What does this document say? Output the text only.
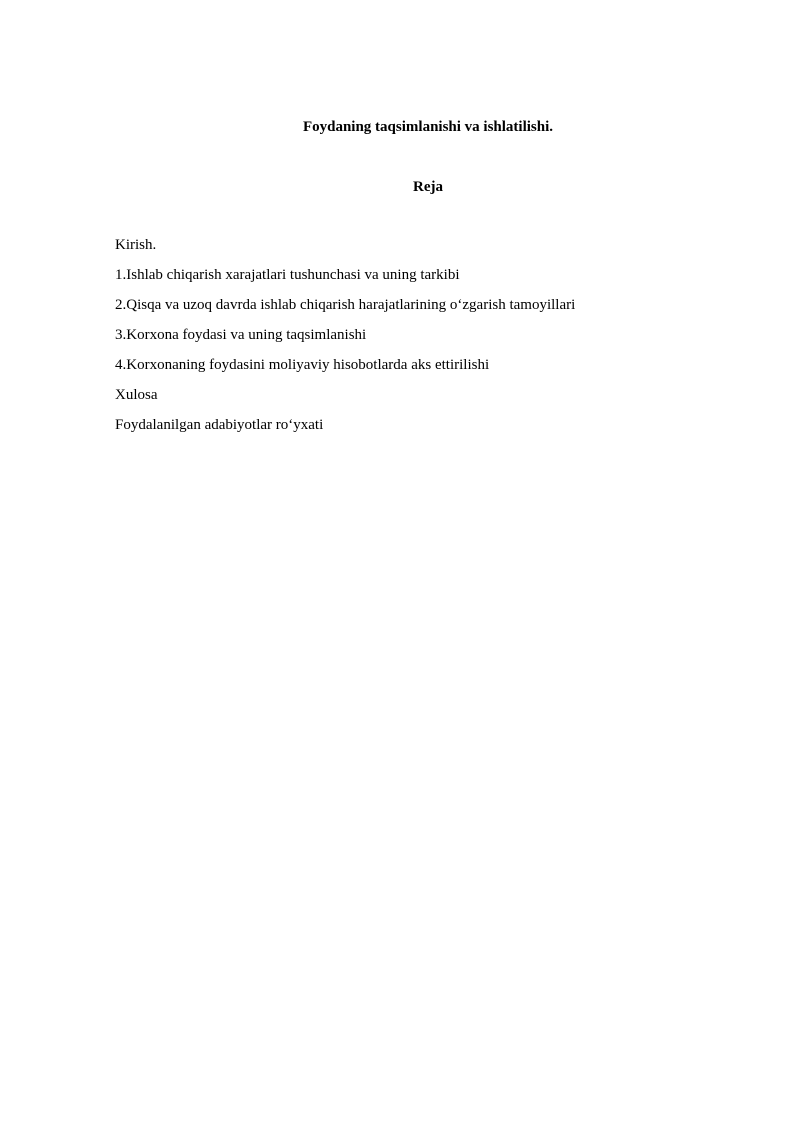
Foydaning taqsimlanishi va ishlatilishi.
Reja
Kirish.
1.Ishlab chiqarish xarajatlari tushunchasi va uning tarkibi
2.Qisqa va uzoq davrda ishlab chiqarish harajatlarining o‘zgarish tamoyillari
3.Korxona foydasi va uning taqsimlanishi
4.Korxonaning foydasini moliyaviy hisobotlarda aks ettirilishi
Xulosa
Foydalanilgan adabiyotlar ro‘yxati
